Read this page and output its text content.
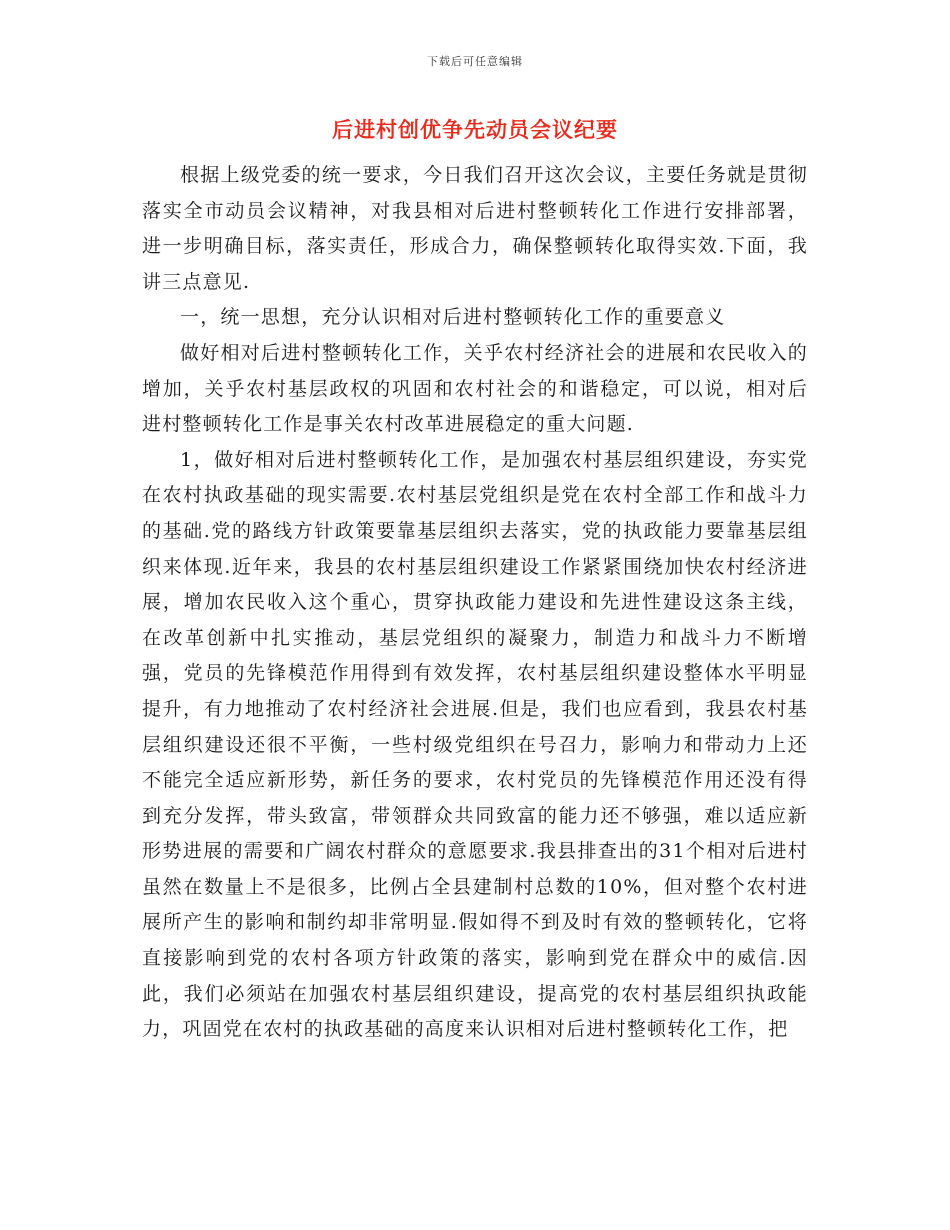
下载后可任意编辑
后进村创优争先动员会议纪要

根据上级党委的统一要求，今日我们召开这次会议，主要任务就是贯彻落实全市动员会议精神，对我县相对后进村整顿转化工作进行安排部署，进一步明确目标，落实责任，形成合力，确保整顿转化取得实效.下面，我讲三点意见.

一，统一思想，充分认识相对后进村整顿转化工作的重要意义

做好相对后进村整顿转化工作，关乎农村经济社会的进展和农民收入的增加，关乎农村基层政权的巩固和农村社会的和谐稳定，可以说，相对后进村整顿转化工作是事关农村改革进展稳定的重大问题.

1，做好相对后进村整顿转化工作，是加强农村基层组织建设，夯实党在农村执政基础的现实需要.农村基层党组织是党在农村全部工作和战斗力的基础.党的路线方针政策要靠基层组织去落实，党的执政能力要靠基层组织来体现.近年来，我县的农村基层组织建设工作紧紧围绕加快农村经济进展，增加农民收入这个重心，贯穿执政能力建设和先进性建设这条主线，在改革创新中扎实推动，基层党组织的凝聚力，制造力和战斗力不断增强，党员的先锋模范作用得到有效发挥，农村基层组织建设整体水平明显提升，有力地推动了农村经济社会进展.但是，我们也应看到，我县农村基层组织建设还很不平衡，一些村级党组织在号召力，影响力和带动力上还不能完全适应新形势，新任务的要求，农村党员的先锋模范作用还没有得到充分发挥，带头致富，带领群众共同致富的能力还不够强，难以适应新形势进展的需要和广阔农村群众的意愿要求.我县排查出的31个相对后进村虽然在数量上不是很多，比例占全县建制村总数的10%，但对整个农村进展所产生的影响和制约却非常明显.假如得不到及时有效的整顿转化，它将直接影响到党的农村各项方针政策的落实，影响到党在群众中的威信.因此，我们必须站在加强农村基层组织建设，提高党的农村基层组织执政能力，巩固党在农村的执政基础的高度来认识相对后进村整顿转化工作，把
